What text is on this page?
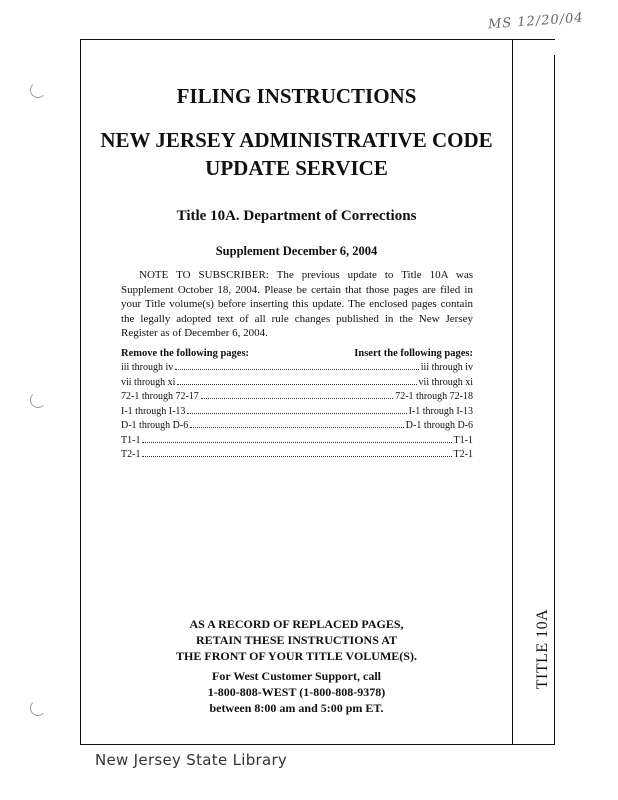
MS 12/20/04
TITLE 10A
FILING INSTRUCTIONS
NEW JERSEY ADMINISTRATIVE CODE
UPDATE SERVICE
Title 10A. Department of Corrections
Supplement December 6, 2004
NOTE TO SUBSCRIBER: The previous update to Title 10A was Supplement October 18, 2004. Please be certain that those pages are filed in your Title volume(s) before inserting this update. The enclosed pages contain the legally adopted text of all rule changes published in the New Jersey Register as of December 6, 2004.
Remove the following pages:	Insert the following pages:
iii through iv	iii through iv
vii through xi	vii through xi
72-1 through 72-17	72-1 through 72-18
I-1 through I-13	I-1 through I-13
D-1 through D-6	D-1 through D-6
T1-1	T1-1
T2-1	T2-1
AS A RECORD OF REPLACED PAGES,
RETAIN THESE INSTRUCTIONS AT
THE FRONT OF YOUR TITLE VOLUME(S).
For West Customer Support, call
1-800-808-WEST (1-800-808-9378)
between 8:00 am and 5:00 pm ET.
New Jersey State Library
